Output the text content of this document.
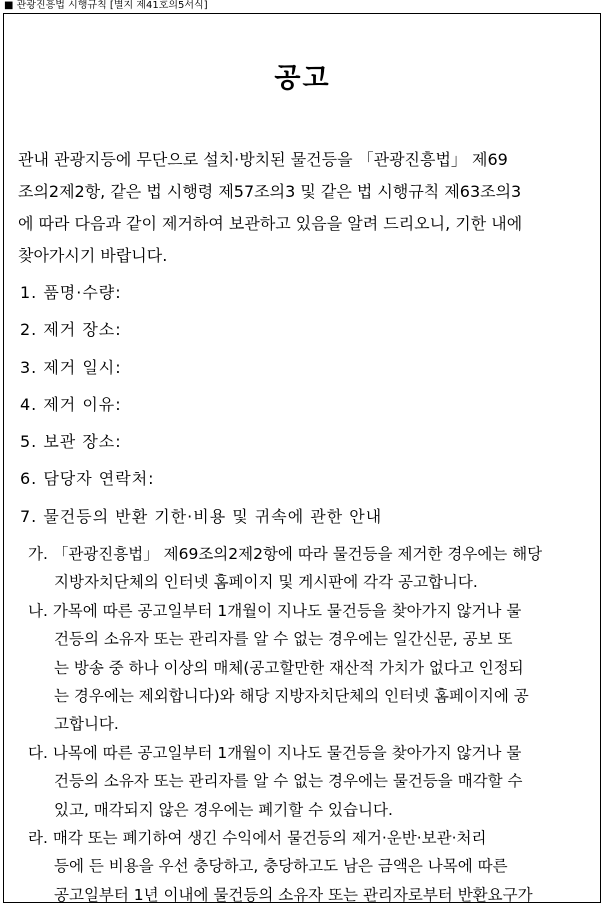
■ 관광진흥법 시행규칙 [별지 제41호의5서식]
공고
관내 관광지등에 무단으로 설치·방치된 물건등을 「관광진흥법」 제69
조의2제2항, 같은 법 시행령 제57조의3 및 같은 법 시행규칙 제63조의3
에 따라 다음과 같이 제거하여 보관하고 있음을 알려 드리오니, 기한 내에
찾아가시기 바랍니다.
1. 품명·수량:
2. 제거 장소:
3. 제거 일시:
4. 제거 이유:
5. 보관 장소:
6. 담당자 연락처:
7. 물건등의 반환 기한·비용 및 귀속에 관한 안내
가. 「관광진흥법」 제69조의2제2항에 따라 물건등을 제거한 경우에는 해당
지방자치단체의 인터넷 홈페이지 및 게시판에 각각 공고합니다.
나. 가목에 따른 공고일부터 1개월이 지나도 물건등을 찾아가지 않거나 물
건등의 소유자 또는 관리자를 알 수 없는 경우에는 일간신문, 공보 또
는 방송 중 하나 이상의 매체(공고할만한 재산적 가치가 없다고 인정되
는 경우에는 제외합니다)와 해당 지방자치단체의 인터넷 홈페이지에 공
고합니다.
다. 나목에 따른 공고일부터 1개월이 지나도 물건등을 찾아가지 않거나 물
건등의 소유자 또는 관리자를 알 수 없는 경우에는 물건등을 매각할 수
있고, 매각되지 않은 경우에는 폐기할 수 있습니다.
라. 매각 또는 폐기하여 생긴 수익에서 물건등의 제거·운반·보관·처리
등에 든 비용을 우선 충당하고, 충당하고도 남은 금액은 나목에 따른
공고일부터 1년 이내에 물건등의 소유자 또는 관리자로부터 반환요구가
